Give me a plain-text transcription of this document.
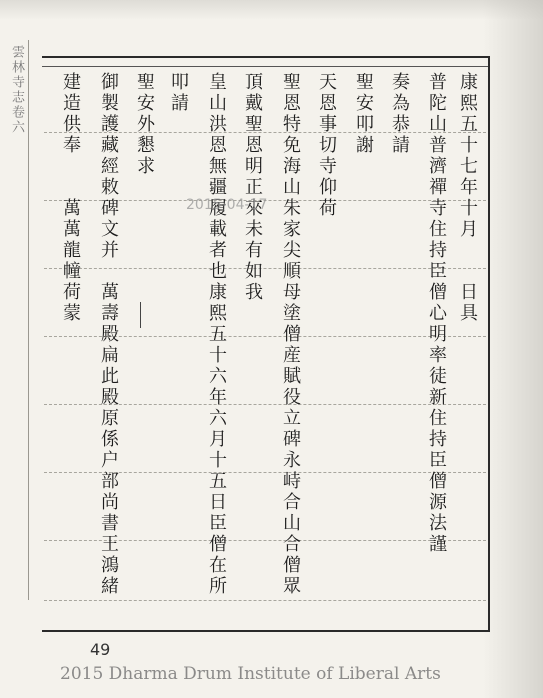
雲林寺志卷六	康熙五十七年十月　　日具
普陀山普濟禪寺住持臣僧心明率徒新住持臣僧源法謹
奏為恭請
聖安叩謝
天恩事切寺仰荷
聖恩特免海山朱家尖順母塗僧産賦役立碑永峙合山合僧眾
頂戴聖恩明正來未有如我
皇山洪恩無疆履載者也康熙五十六年六月十五日臣僧在所
叩請
聖安外懇求
御製護藏經敕碑文并　萬壽殿扁此殿原係户部尚書王鴻緒
建造供奉　　萬萬龍幢荷蒙	2015-04-17
49
2015 Dharma Drum Institute of Liberal Arts
